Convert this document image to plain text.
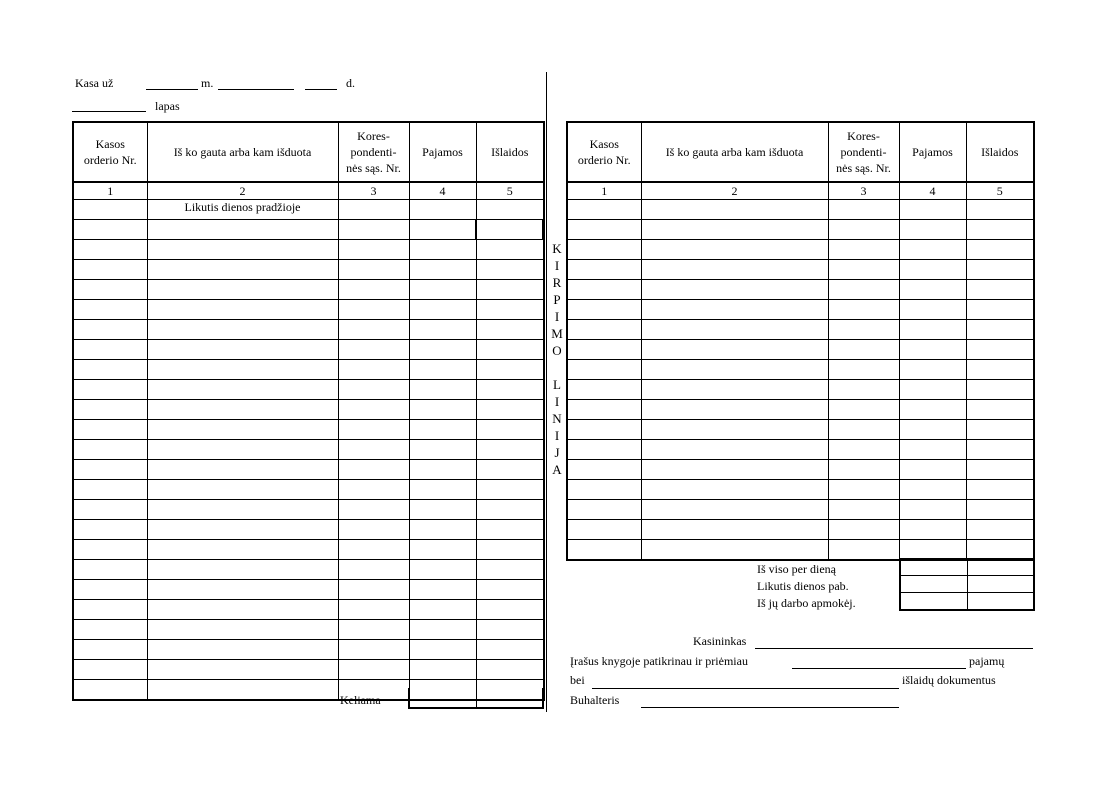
Kasa už	m.	d.
lapas
Kasos
orderio Nr.	Iš ko gauta arba kam išduota	Kores-
pondenti-
nės sąs. Nr.	Pajamos	Išlaidos
1	2	3	4	5
	Likutis dienos pradžioje			

Keliama
K
I
R
P
I
M
O

L
I
N
I
J
A
Kasos
orderio Nr.	Iš ko gauta arba kam išduota	Kores-
pondenti-
nės sąs. Nr.	Pajamos	Išlaidos
1	2	3	4	5

Iš viso per dieną
Likutis dienos pab.
Iš jų darbo apmokėj.

Kasininkas
Įrašus knygoje patikrinau ir priėmiau	pajamų
bei	išlaidų dokumentus
Buhalteris
